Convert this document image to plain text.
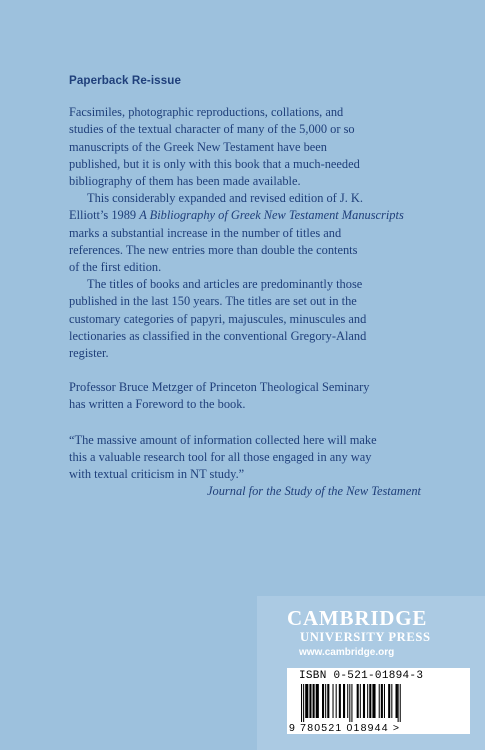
Paperback Re-issue

Facsimiles, photographic reproductions, collations, and
studies of the textual character of many of the 5,000 or so
manuscripts of the Greek New Testament have been
published, but it is only with this book that a much-needed
bibliography of them has been made available.

This considerably expanded and revised edition of J. K.
Elliott’s 1989 A Bibliography of Greek New Testament Manuscripts
marks a substantial increase in the number of titles and
references. The new entries more than double the contents
of the first edition.

The titles of books and articles are predominantly those
published in the last 150 years. The titles are set out in the
customary categories of papyri, majuscules, minuscules and
lectionaries as classified in the conventional Gregory-Aland
register.

Professor Bruce Metzger of Princeton Theological Seminary
has written a Foreword to the book.

“The massive amount of information collected here will make
this a valuable research tool for all those engaged in any way
with textual criticism in NT study.”

Journal for the Study of the New Testament

CAMBRIDGE

UNIVERSITY PRESS

www.cambridge.org

ISBN 0-521-01894-3
9 780521 018944 >
